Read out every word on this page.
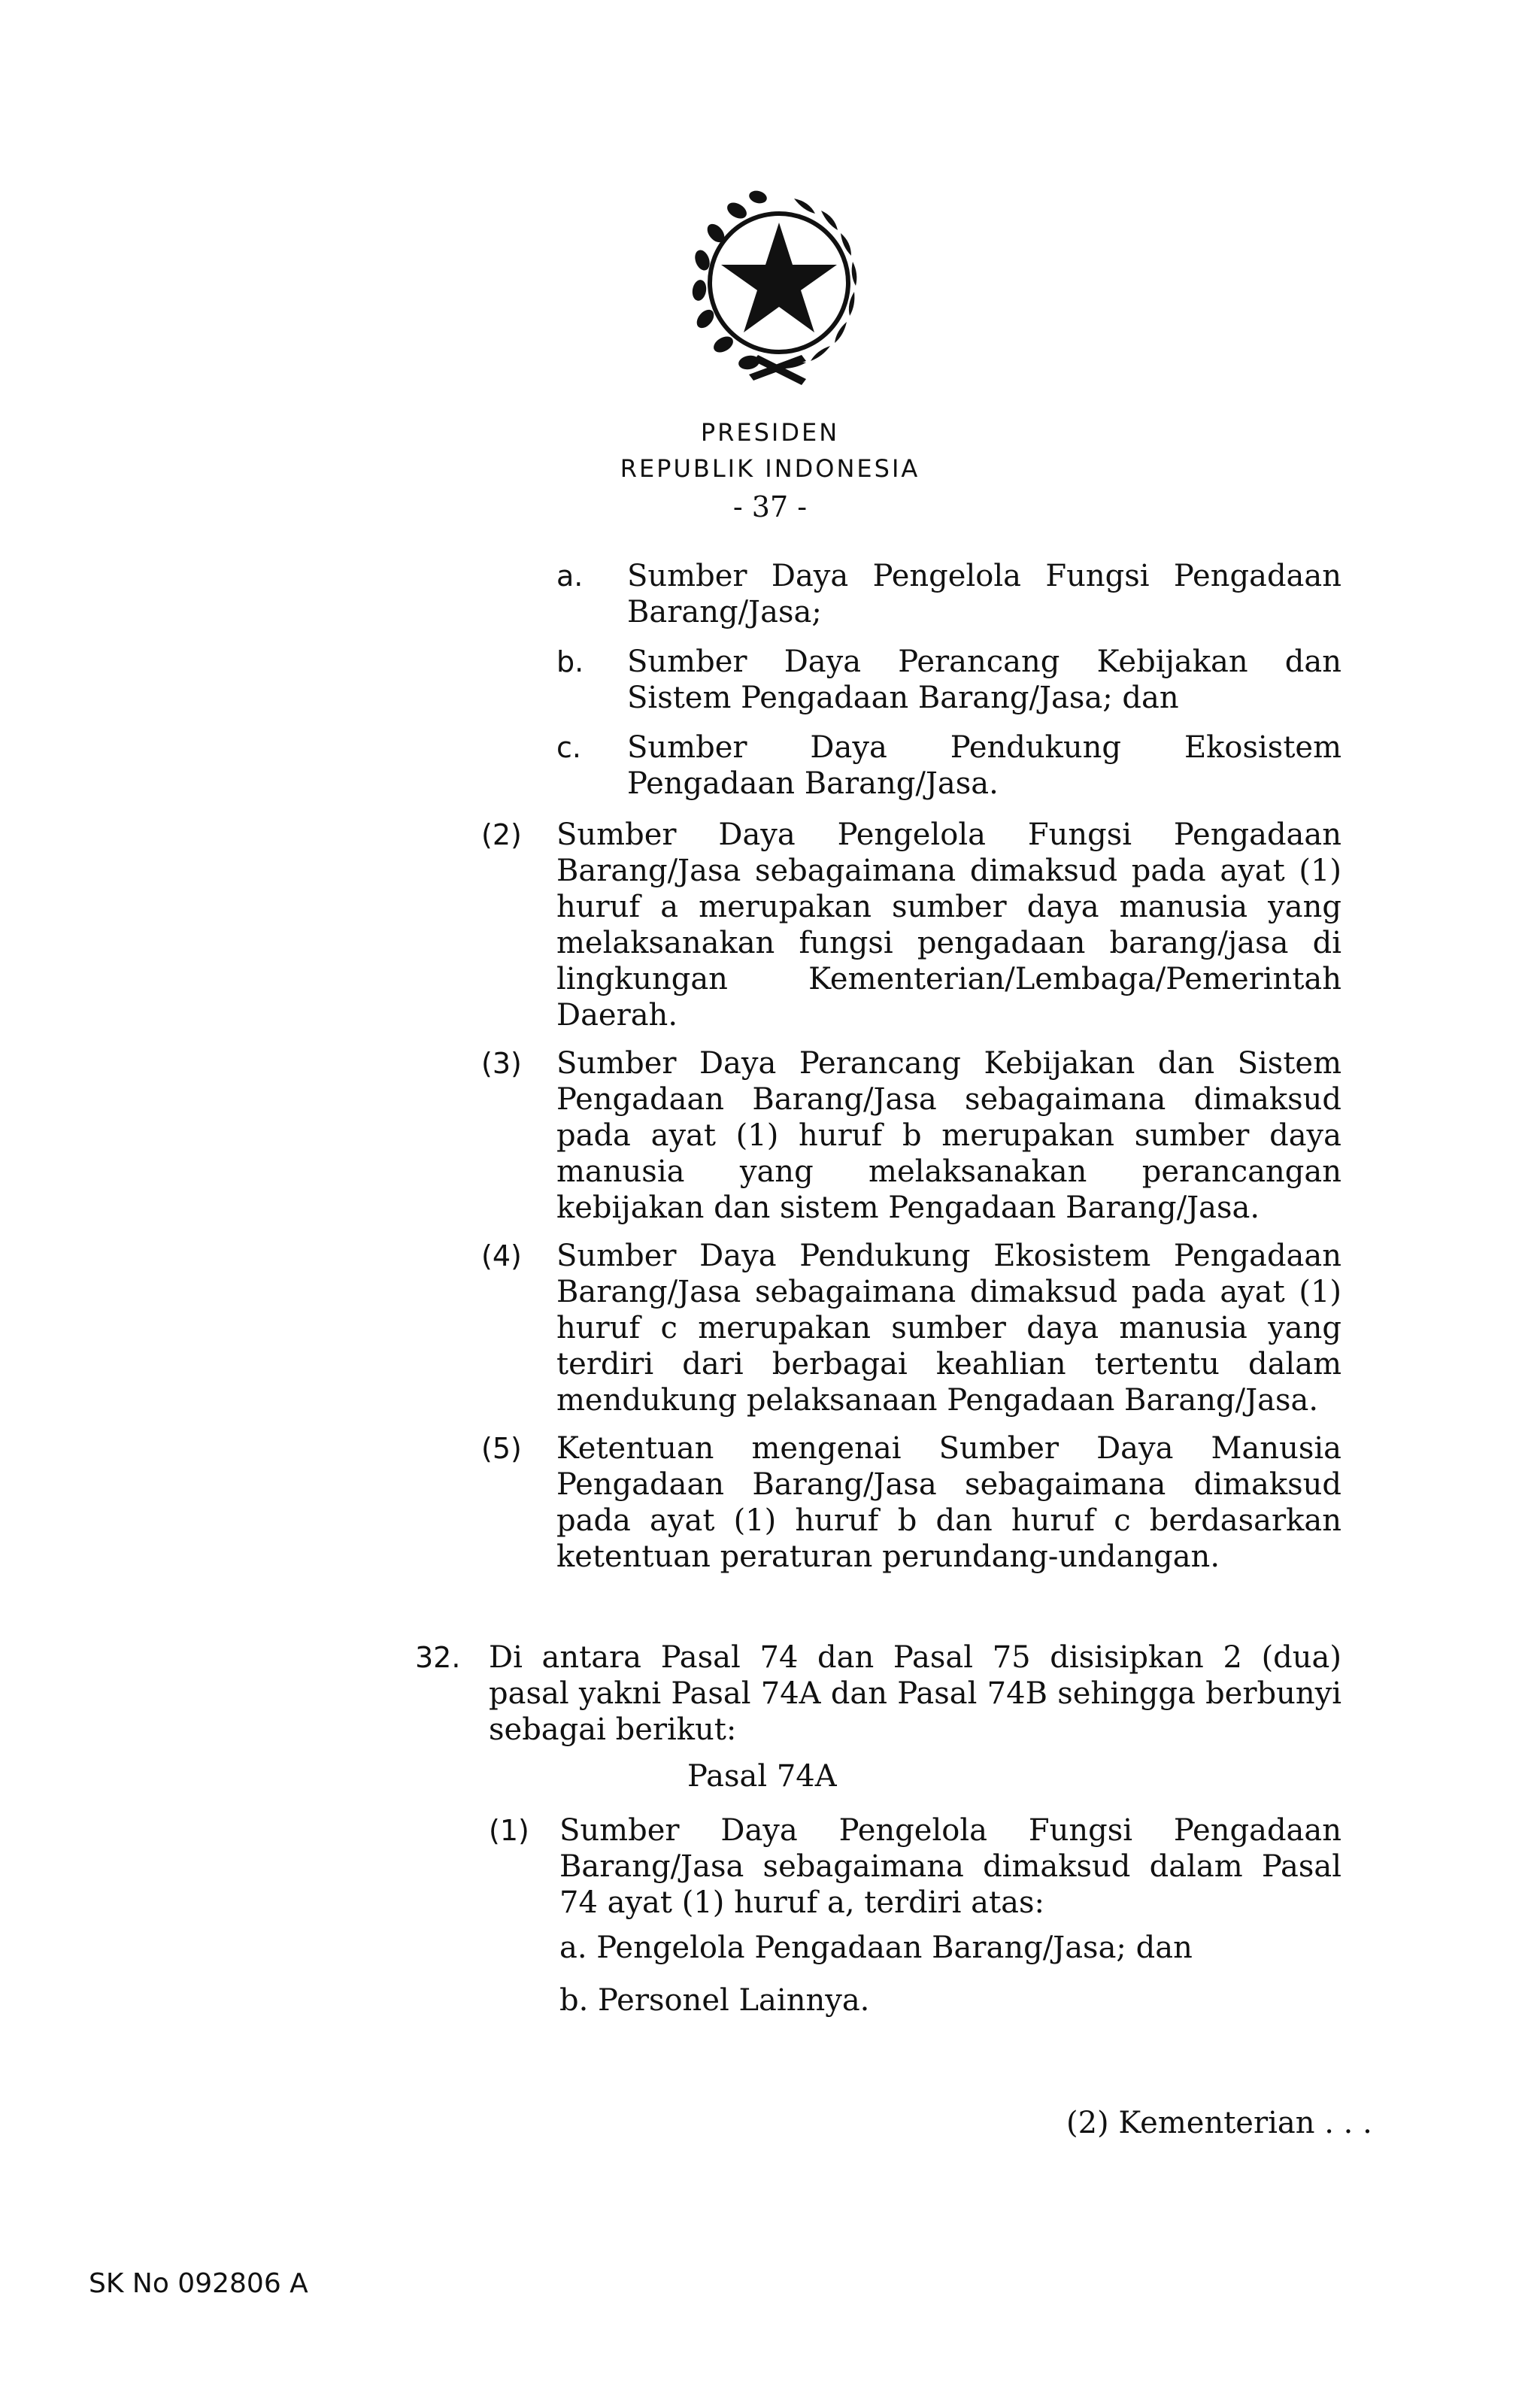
PRESIDEN
REPUBLIK INDONESIA
- 37 -
a. Sumber Daya Pengelola Fungsi Pengadaan Barang/Jasa;
b. Sumber Daya Perancang Kebijakan dan Sistem Pengadaan Barang/Jasa; dan
c. Sumber Daya Pendukung Ekosistem Pengadaan Barang/Jasa.
(2) Sumber Daya Pengelola Fungsi Pengadaan Barang/Jasa sebagaimana dimaksud pada ayat (1) huruf a merupakan sumber daya manusia yang melaksanakan fungsi pengadaan barang/jasa di lingkungan Kementerian/Lembaga/Pemerintah Daerah.
(3) Sumber Daya Perancang Kebijakan dan Sistem Pengadaan Barang/Jasa sebagaimana dimaksud pada ayat (1) huruf b merupakan sumber daya manusia yang melaksanakan perancangan kebijakan dan sistem Pengadaan Barang/Jasa.
(4) Sumber Daya Pendukung Ekosistem Pengadaan Barang/Jasa sebagaimana dimaksud pada ayat (1) huruf c merupakan sumber daya manusia yang terdiri dari berbagai keahlian tertentu dalam mendukung pelaksanaan Pengadaan Barang/Jasa.
(5) Ketentuan mengenai Sumber Daya Manusia Pengadaan Barang/Jasa sebagaimana dimaksud pada ayat (1) huruf b dan huruf c berdasarkan ketentuan peraturan perundang-undangan.
32. Di antara Pasal 74 dan Pasal 75 disisipkan 2 (dua) pasal yakni Pasal 74A dan Pasal 74B sehingga berbunyi sebagai berikut:
Pasal 74A
(1) Sumber Daya Pengelola Fungsi Pengadaan Barang/Jasa sebagaimana dimaksud dalam Pasal 74 ayat (1) huruf a, terdiri atas:
a. Pengelola Pengadaan Barang/Jasa; dan
b. Personel Lainnya.
(2) Kementerian . . .
SK No 092806 A
